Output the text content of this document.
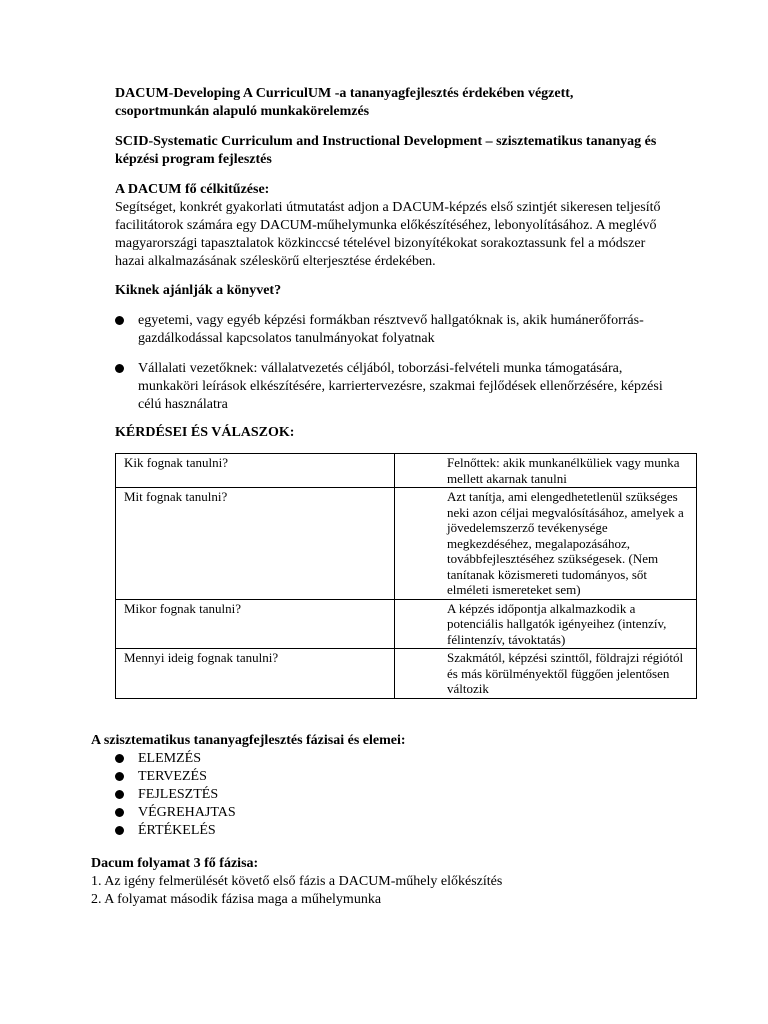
DACUM-Developing A CurriculUM -a tananyagfejlesztés érdekében végzett, csoportmunkán alapuló munkakörelemzés

SCID-Systematic Curriculum and Instructional Development – szisztematikus tananyag és képzési program fejlesztés

A DACUM fő célkitűzése:

Segítséget, konkrét gyakorlati útmutatást adjon a DACUM-képzés első szintjét sikeresen teljesítő facilitátorok számára egy DACUM-műhelymunka előkészítéséhez, lebonyolításához. A meglévő magyarországi tapasztalatok közkinccsé tételével bizonyítékokat sorakoztassunk fel a módszer hazai alkalmazásának széleskörű elterjesztése érdekében.

Kiknek ajánlják a könyvet?

egyetemi, vagy egyéb képzési formákban résztvevő hallgatóknak is, akik humánerőforrás-gazdálkodással kapcsolatos tanulmányokat folyatnak
Vállalati vezetőknek: vállalatvezetés céljából, toborzási-felvételi munka támogatására, munkaköri leírások elkészítésére, karriertervezésre, szakmai fejlődések ellenőrzésére, képzési célú használatra

KÉRDÉSEI ÉS VÁLASZOK:

Kik fognak tanulni?	Felnőttek: akik munkanélküliek vagy munka mellett akarnak tanulni
Mit fognak tanulni?	Azt tanítja, ami elengedhetetlenül szükséges neki azon céljai megvalósításához, amelyek a jövedelemszerző tevékenysége megkezdéséhez, megalapozásához, továbbfejlesztéséhez szükségesek. (Nem tanítanak közismereti tudományos, sőt elméleti ismereteket sem)
Mikor fognak tanulni?	A képzés időpontja alkalmazkodik a potenciális hallgatók igényeihez (intenzív, félintenzív, távoktatás)
Mennyi ideig fognak tanulni?	Szakmától, képzési szinttől, földrajzi régiótól és más körülményektől függően jelentősen változik

A szisztematikus tananyagfejlesztés fázisai és elemei:

ELEMZÉS
TERVEZÉS
FEJLESZTÉS
VÉGREHAJTAS
ÉRTÉKELÉS

Dacum folyamat 3 fő fázisa:

1. Az igény felmerülését követő első fázis a DACUM-műhely előkészítés

2. A folyamat második fázisa maga a műhelymunka
